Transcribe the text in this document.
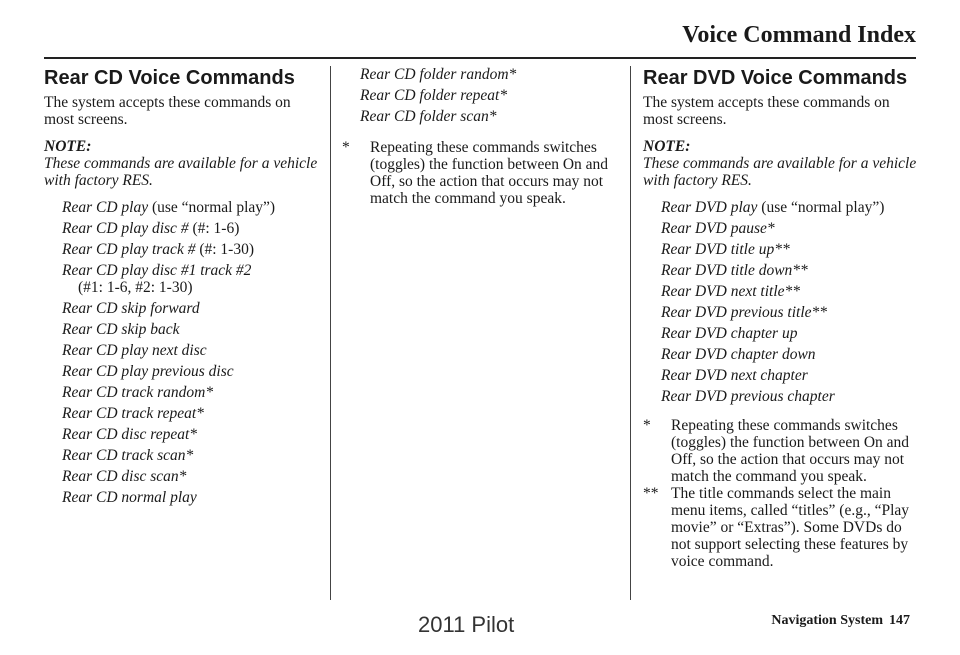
Voice Command Index
Rear CD Voice Commands

The system accepts these commands on most screens.

NOTE:

These commands are available for a vehicle with factory RES.

Rear CD play (use “normal play”)
Rear CD play disc # (#: 1-6)
Rear CD play track # (#: 1-30)
Rear CD play disc #1 track #2
(#1: 1-6, #2: 1-30)
Rear CD skip forward
Rear CD skip back
Rear CD play next disc
Rear CD play previous disc
Rear CD track random*
Rear CD track repeat*
Rear CD disc repeat*
Rear CD track scan*
Rear CD disc scan*
Rear CD normal play
Rear CD folder random*
Rear CD folder repeat*
Rear CD folder scan*
*	Repeating these commands switches (toggles) the function between On and Off, so the action that occurs may not match the command you speak.
Rear DVD Voice Commands

The system accepts these commands on most screens.

NOTE:

These commands are available for a vehicle with factory RES.

Rear DVD play (use “normal play”)
Rear DVD pause*
Rear DVD title up**
Rear DVD title down**
Rear DVD next title**
Rear DVD previous title**
Rear DVD chapter up
Rear DVD chapter down
Rear DVD next chapter
Rear DVD previous chapter
*	Repeating these commands switches (toggles) the function between On and Off, so the action that occurs may not match the command you speak.
** The title commands select the main menu items, called “titles” (e.g., “Play movie” or “Extras”). Some DVDs do not support selecting these features by voice command.
2011 Pilot	Navigation System 147
